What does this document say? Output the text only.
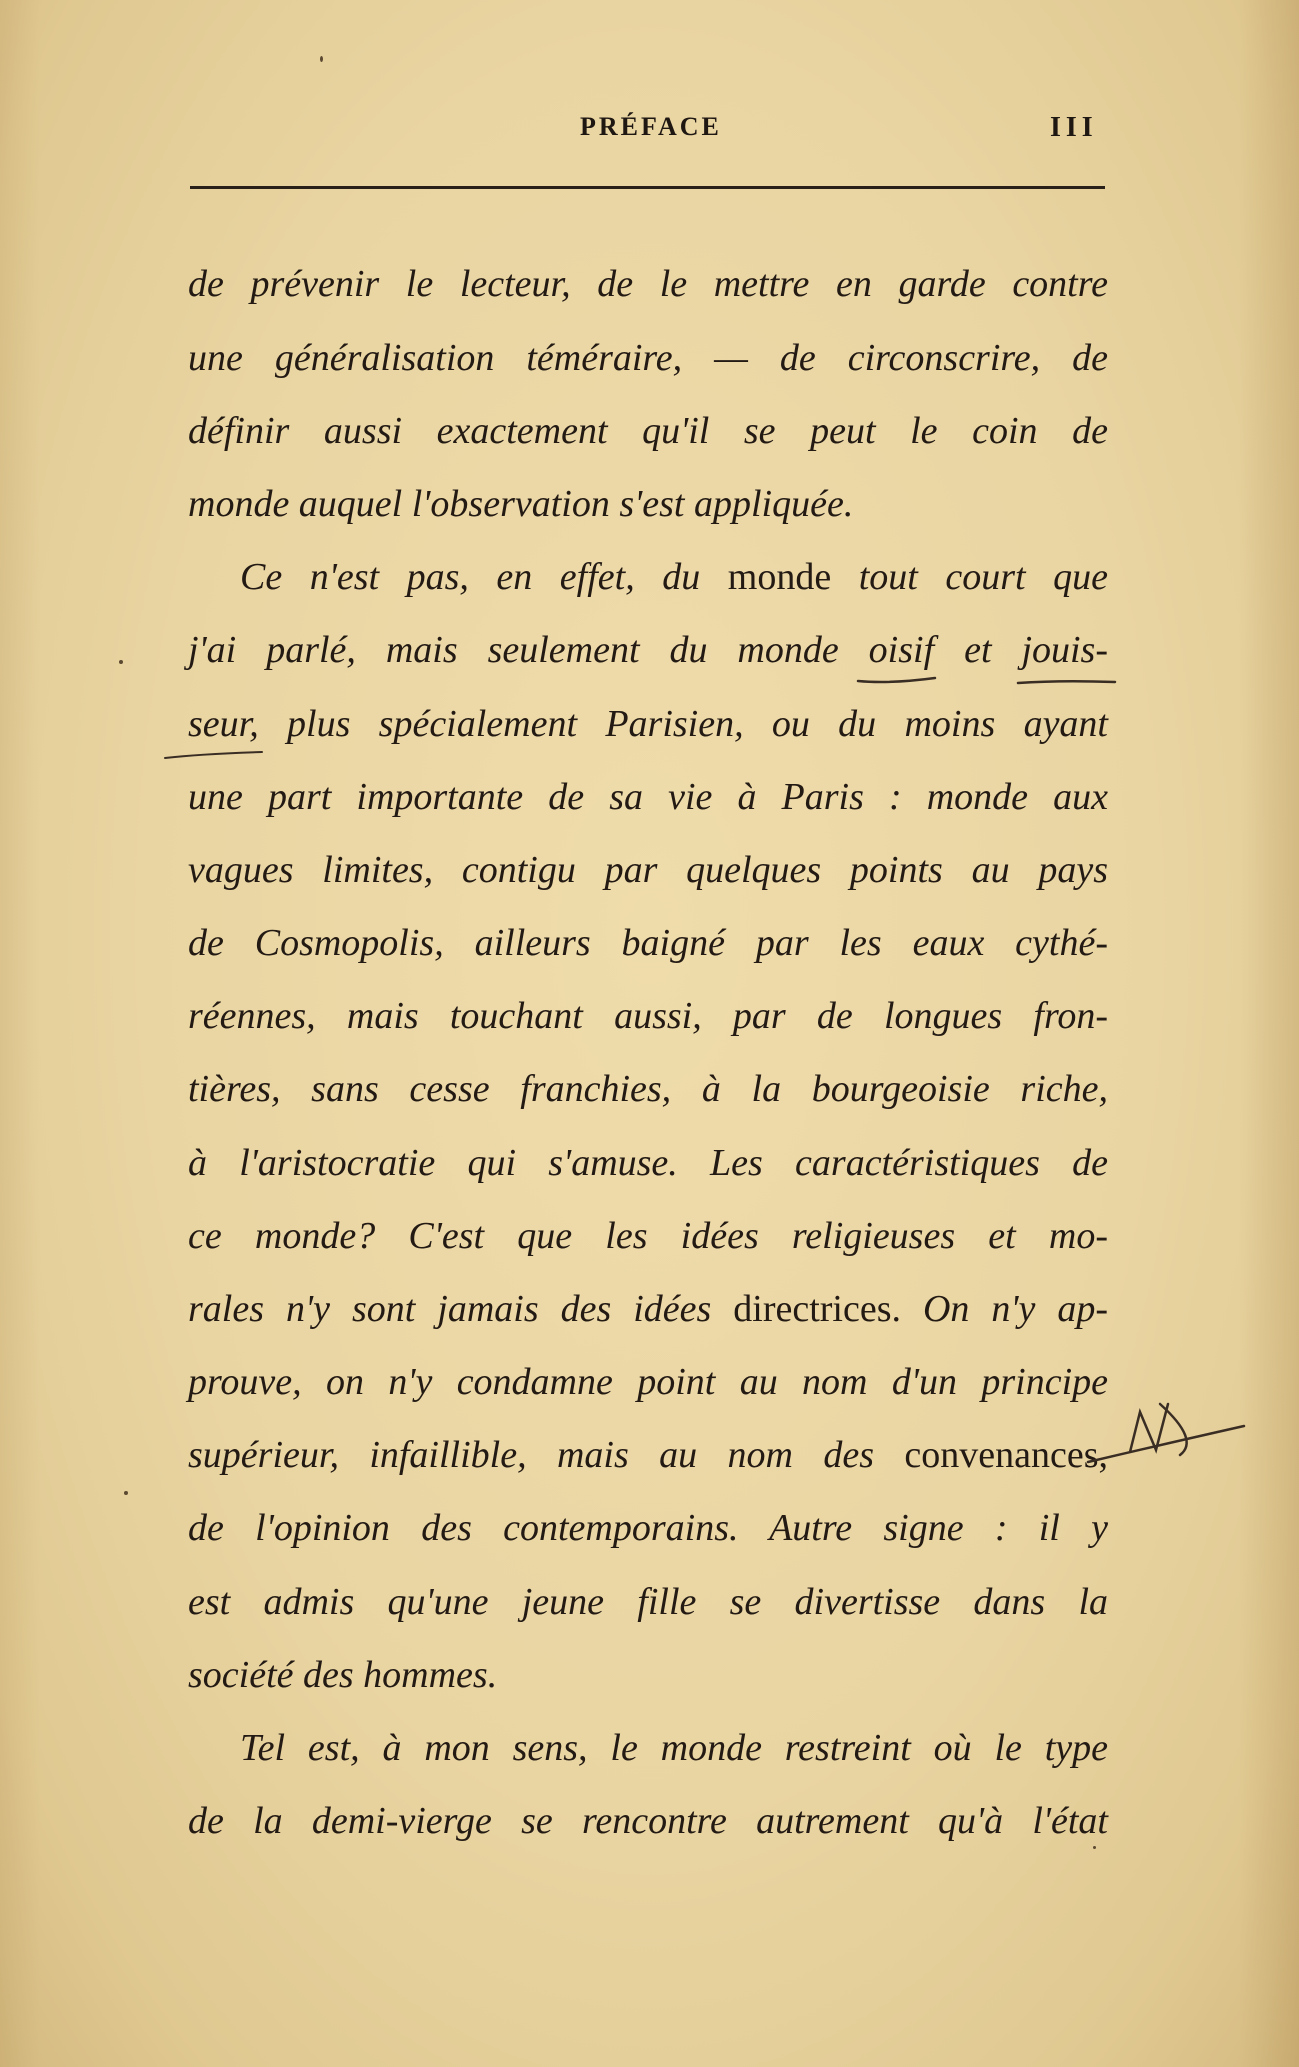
PRÉFACE	III
de prévenir le lecteur, de le mettre en garde contre
une généralisation téméraire, — de circonscrire, de
définir aussi exactement qu'il se peut le coin de
monde auquel l'observation s'est appliquée.
Ce n'est pas, en effet, du monde tout court que
j'ai parlé, mais seulement du monde oisif et jouis-
seur, plus spécialement Parisien, ou du moins ayant
une part importante de sa vie à Paris : monde aux
vagues limites, contigu par quelques points au pays
de Cosmopolis, ailleurs baigné par les eaux cythé-
réennes, mais touchant aussi, par de longues fron-
tières, sans cesse franchies, à la bourgeoisie riche,
à l'aristocratie qui s'amuse. Les caractéristiques de
ce monde? C'est que les idées religieuses et mo-
rales n'y sont jamais des idées directrices. On n'y ap-
prouve, on n'y condamne point au nom d'un principe
supérieur, infaillible, mais au nom des convenances,
de l'opinion des contemporains. Autre signe : il y
est admis qu'une jeune fille se divertisse dans la
société des hommes.
Tel est, à mon sens, le monde restreint où le type
de la demi-vierge se rencontre autrement qu'à l'état
